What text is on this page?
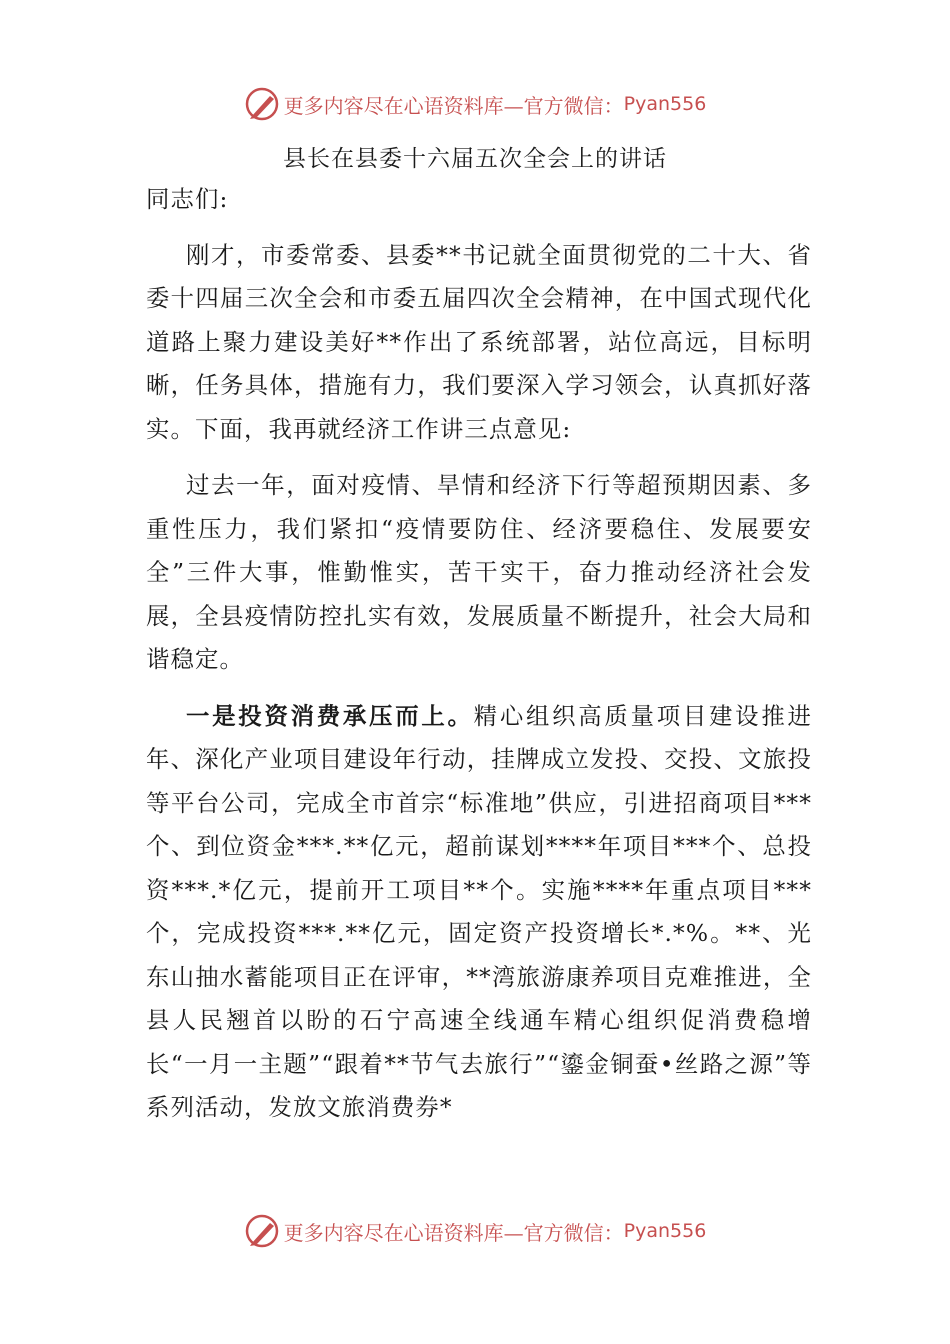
更多内容尽在心语资料库—官方微信： Pyan556
县长在县委十六届五次全会上的讲话

同志们:

刚才，市委常委、县委**书记就全面贯彻党的二十大、省委十四届三次全会和市委五届四次全会精神，在中国式现代化道路上聚力建设美好**作出了系统部署，站位高远，目标明晰，任务具体，措施有力，我们要深入学习领会，认真抓好落实。下面，我再就经济工作讲三点意见:

过去一年，面对疫情、旱情和经济下行等超预期因素、多重性压力，我们紧扣“疫情要防住、经济要稳住、发展要安全”三件大事，惟勤惟实，苦干实干，奋力推动经济社会发展，全县疫情防控扎实有效，发展质量不断提升，社会大局和谐稳定。

一是投资消费承压而上。精心组织高质量项目建设推进年、深化产业项目建设年行动，挂牌成立发投、交投、文旅投等平台公司，完成全市首宗“标准地”供应，引进招商项目***个、到位资金***.**亿元，超前谋划****年项目***个、总投资***.*亿元，提前开工项目**个。实施****年重点项目***个，完成投资***.**亿元，固定资产投资增长*.*%。**、光东山抽水蓄能项目正在评审，**湾旅游康养项目克难推进，全县人民翘首以盼的石宁高速全线通车精心组织促消费稳增长“一月一主题”“跟着**节气去旅行”“鎏金铜蚕•丝路之源”等系列活动，发放文旅消费券*

更多内容尽在心语资料库—官方微信： Pyan556
